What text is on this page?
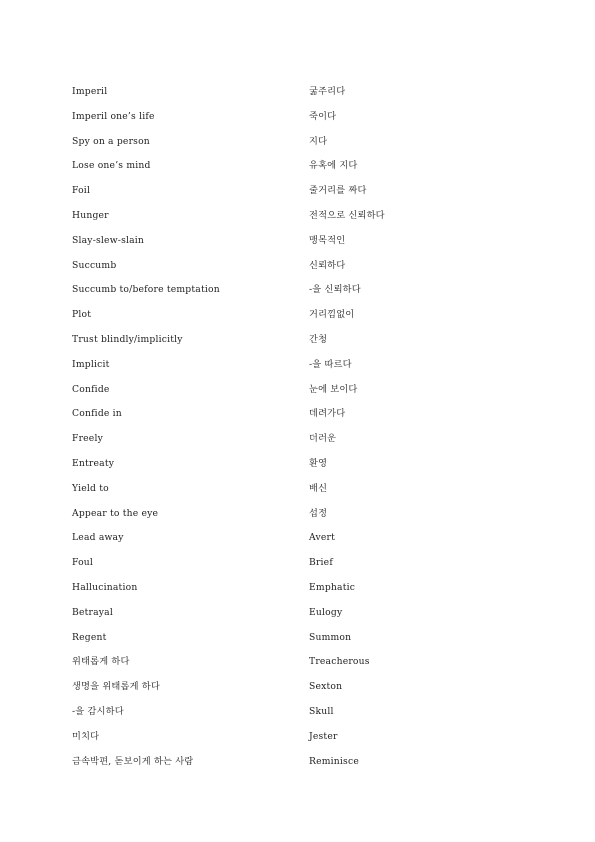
Imperil	굶주리다
Imperil one’s life	죽이다
Spy on a person	지다
Lose one’s mind	유혹에 지다
Foil	줄거리를 짜다
Hunger	전적으로 신뢰하다
Slay-slew-slain	맹목적인
Succumb	신뢰하다
Succumb to/before temptation	-을 신뢰하다
Plot	거리낌없이
Trust blindly/implicitly	간청
Implicit	-을 따르다
Confide	눈에 보이다
Confide in	데려가다
Freely	더러운
Entreaty	환영
Yield to	배신
Appear to the eye	섭정
Lead away	Avert
Foul	Brief
Hallucination	Emphatic
Betrayal	Eulogy
Regent	Summon
위태롭게 하다	Treacherous
생명을 위태롭게 하다	Sexton
-을 감시하다	Skull
미치다	Jester
금속박편, 돋보이게 하는 사람	Reminisce
